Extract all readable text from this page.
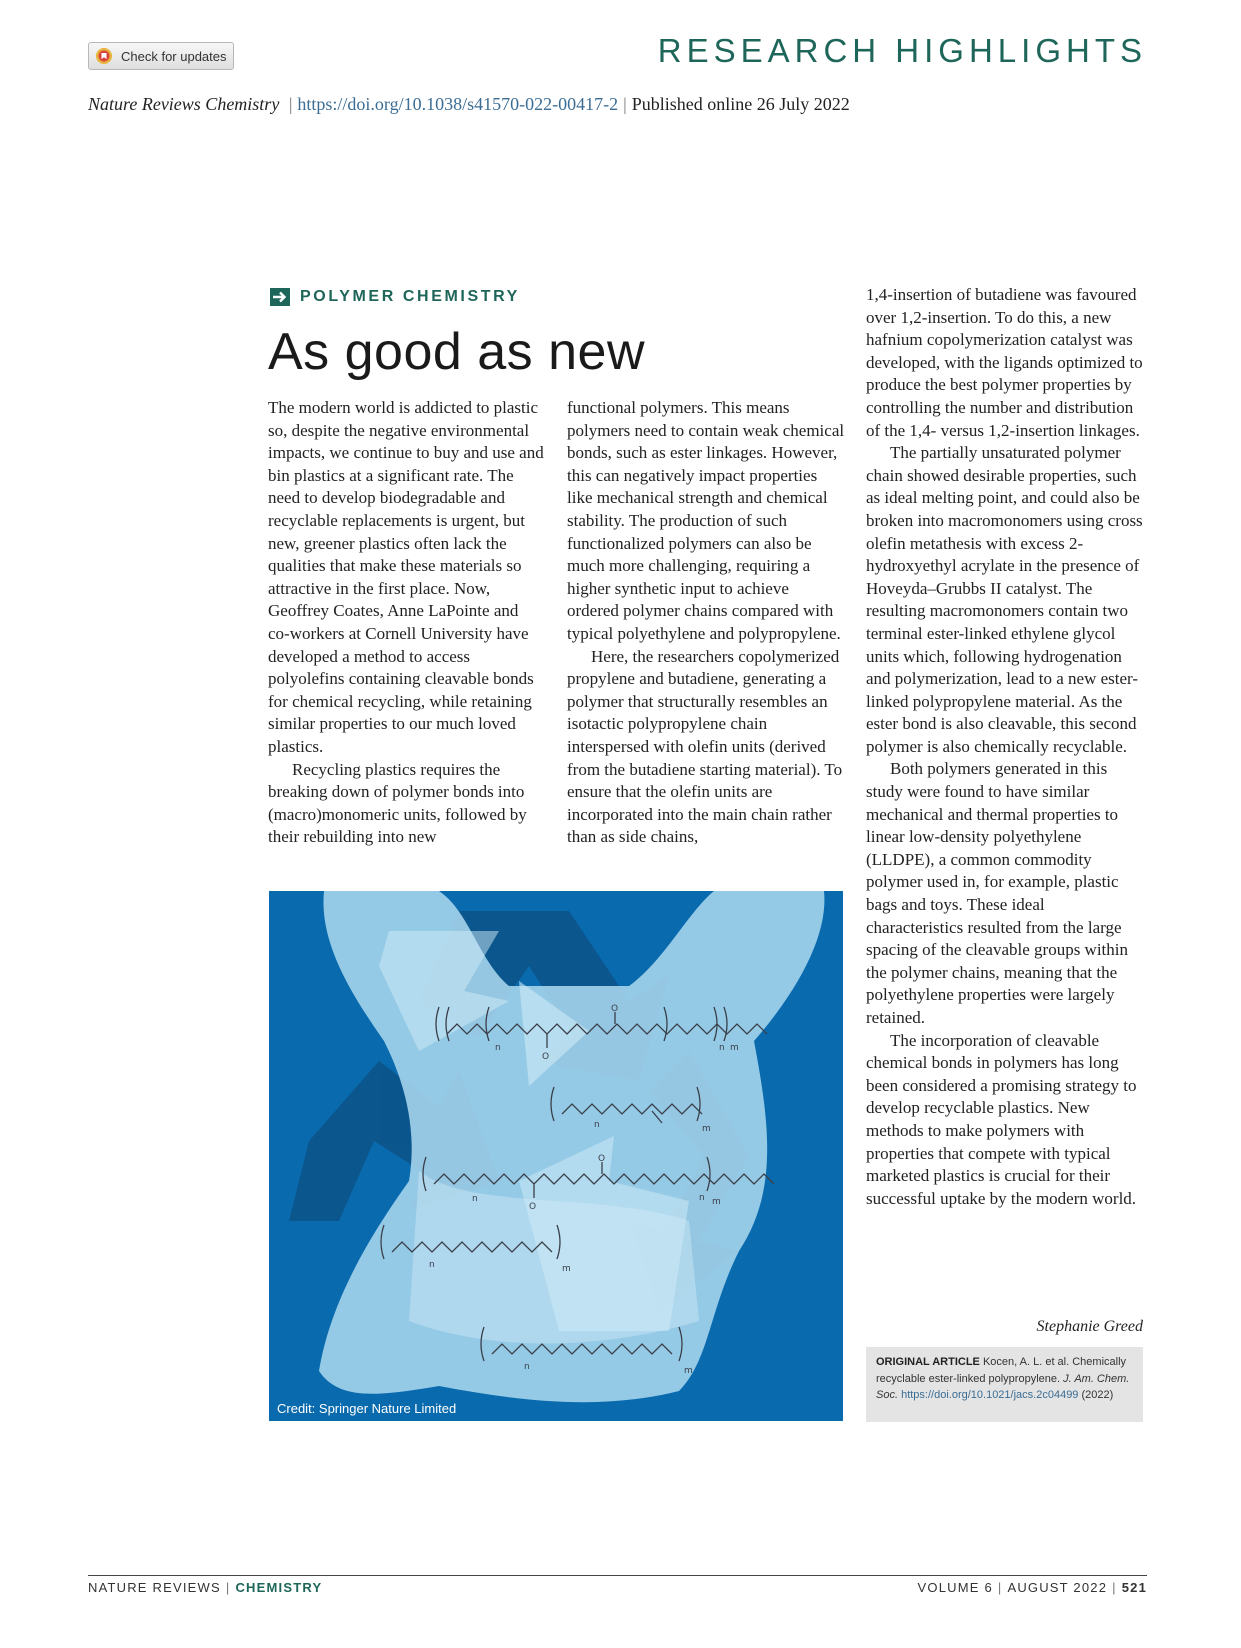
Check for updates	RESEARCH HIGHLIGHTS
Nature Reviews Chemistry | https://doi.org/10.1038/s41570-022-00417-2 | Published online 26 July 2022
POLYMER CHEMISTRY
As good as new

The modern world is addicted to plastic so, despite the negative environmental impacts, we continue to buy and use and bin plastics at a significant rate. The need to develop biodegradable and recyclable replacements is urgent, but new, greener plastics often lack the qualities that make these materials so attractive in the first place. Now, Geoffrey Coates, Anne LaPointe and co-workers at Cornell University have developed a method to access polyolefins containing cleavable bonds for chemical recycling, while retaining similar properties to our much loved plastics.

Recycling plastics requires the breaking down of polymer bonds into (macro)monomeric units, followed by their rebuilding into new

functional polymers. This means polymers need to contain weak chemical bonds, such as ester linkages. However, this can negatively impact properties like mechanical strength and chemical stability. The production of such functionalized polymers can also be much more challenging, requiring a higher synthetic input to achieve ordered polymer chains compared with typical polyethylene and polypropylene.

Here, the researchers copolymerized propylene and butadiene, generating a polymer that structurally resembles an isotactic polypropylene chain interspersed with olefin units (derived from the butadiene starting material). To ensure that the olefin units are incorporated into the main chain rather than as side chains,

1,4-insertion of butadiene was favoured over 1,2-insertion. To do this, a new hafnium copolymerization catalyst was developed, with the ligands optimized to produce the best polymer properties by controlling the number and distribution of the 1,4- versus 1,2-insertion linkages.

The partially unsaturated polymer chain showed desirable properties, such as ideal melting point, and could also be broken into macromonomers using cross olefin metathesis with excess 2-hydroxyethyl acrylate in the presence of Hoveyda–Grubbs II catalyst. The resulting macromonomers contain two terminal ester-linked ethylene glycol units which, following hydrogenation and polymerization, lead to a new ester-linked polypropylene material. As the ester bond is also cleavable, this second polymer is also chemically recyclable.

Both polymers generated in this study were found to have similar mechanical and thermal properties to linear low-density polyethylene (LLDPE), a common commodity polymer used in, for example, plastic bags and toys. These ideal characteristics resulted from the large spacing of the cleavable groups within the polymer chains, meaning that the polyethylene properties were largely retained.

The incorporation of cleavable chemical bonds in polymers has long been considered a promising strategy to develop recyclable plastics. New methods to make polymers with properties that compete with typical marketed plastics is crucial for their successful uptake by the modern world.

Stephanie Greed
ORIGINAL ARTICLE Kocen, A. L. et al. Chemically recyclable ester-linked polypropylene. J. Am. Chem. Soc. https://doi.org/10.1021/jacs.2c04499 (2022)
n	n m
O
O
n	m
n	n m
O
O
n	m
n	m
Credit: Springer Nature Limited
NATURE REVIEWS | CHEMISTRY	VOLUME 6 | AUGUST 2022 | 521
